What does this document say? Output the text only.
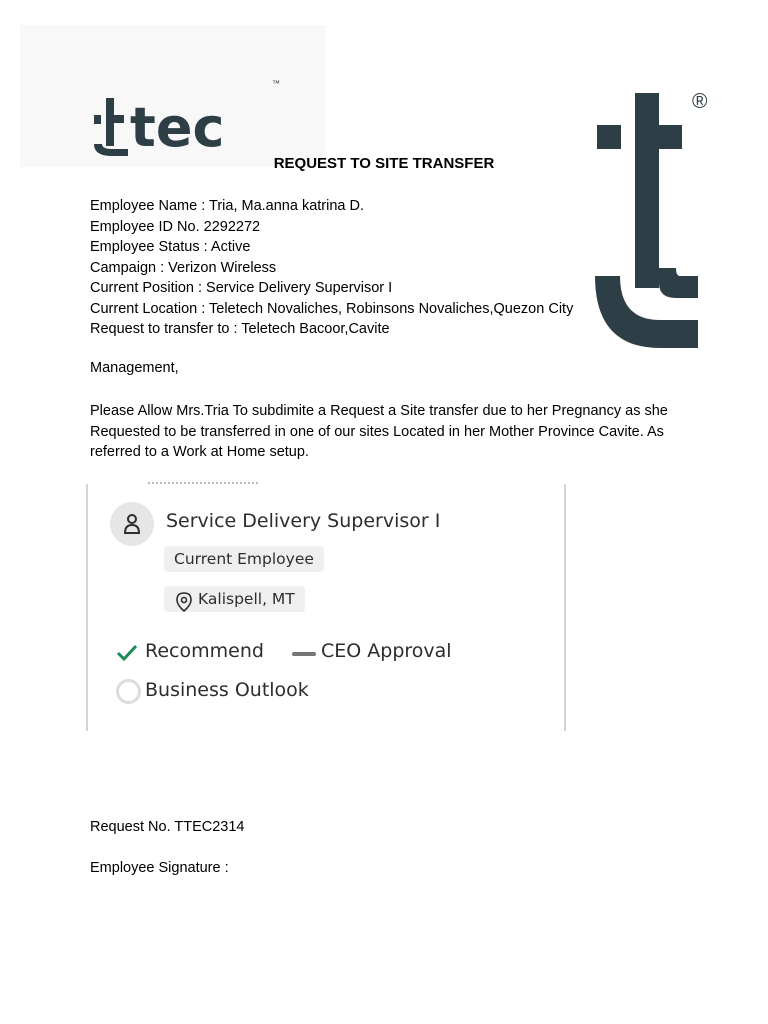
tec
™
®
REQUEST TO SITE TRANSFER
Employee Name : Tria, Ma.anna katrina D.
Employee ID No. 2292272
Employee Status : Active
Campaign : Verizon Wireless
Current Position : Service Delivery Supervisor I
Current Location : Teletech Novaliches, Robinsons Novaliches,Quezon City
Request to transfer to : Teletech Bacoor,Cavite
Management,
Please Allow Mrs.Tria To subdimite a Request a Site transfer due to her Pregnancy as she Requested to be transferred in one of our sites Located in her Mother Province Cavite. As referred to a Work at Home setup.
Service Delivery Supervisor I
Current Employee
Kalispell, MT
Recommend	CEO Approval
Business Outlook
Request No. TTEC2314
Employee Signature :
